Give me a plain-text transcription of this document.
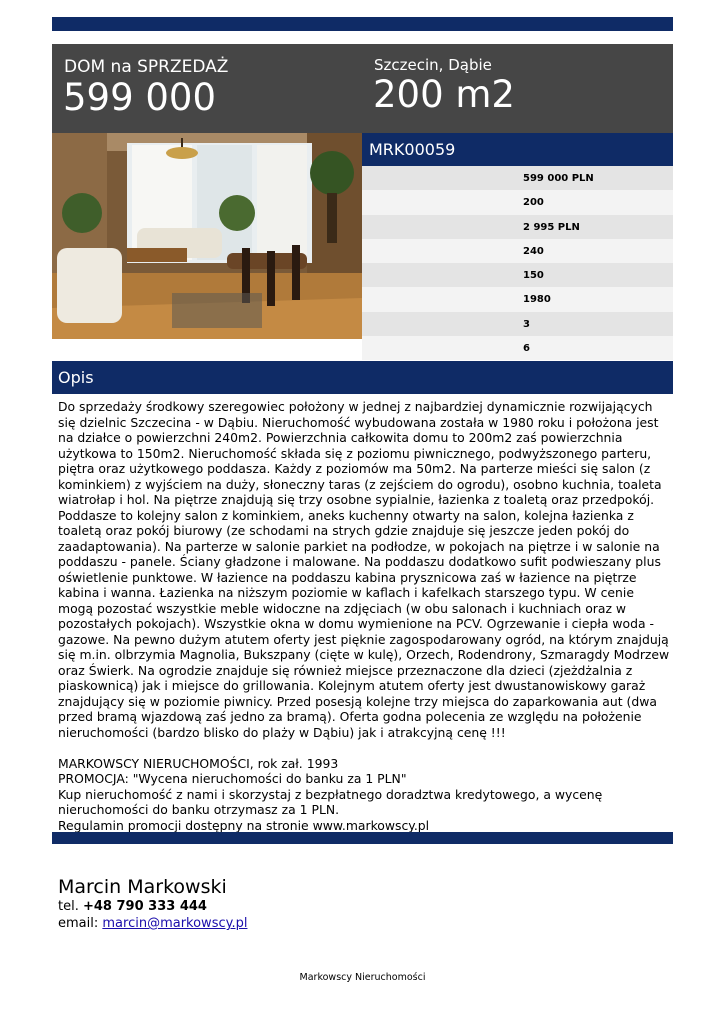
DOM na SPRZEDAŻ
599 000
Szczecin, Dąbie
200 m2
MRK00059
599 000 PLN
200
2 995 PLN
240
150
1980
3
6
Opis

Do sprzedaży środkowy szeregowiec położony w jednej z najbardziej dynamicznie rozwijających się dzielnic Szczecina - w Dąbiu. Nieruchomość wybudowana została w 1980 roku i położona jest na działce o powierzchni 240m2. Powierzchnia całkowita domu to 200m2 zaś powierzchnia użytkowa to 150m2. Nieruchomość składa się z poziomu piwnicznego, podwyższonego parteru, piętra oraz użytkowego poddasza. Każdy z poziomów ma 50m2. Na parterze mieści się salon (z kominkiem) z wyjściem na duży, słoneczny taras (z zejściem do ogrodu), osobno kuchnia, toaleta wiatrołap i hol. Na piętrze znajdują się trzy osobne sypialnie, łazienka z toaletą oraz przedpokój. Poddasze to kolejny salon z kominkiem, aneks kuchenny otwarty na salon, kolejna łazienka z toaletą oraz pokój biurowy (ze schodami na strych gdzie znajduje się jeszcze jeden pokój do zaadaptowania). Na parterze w salonie parkiet na podłodze, w pokojach na piętrze i w salonie na poddaszu - panele. Ściany gładzone i malowane. Na poddaszu dodatkowo sufit podwieszany plus oświetlenie punktowe. W łazience na poddaszu kabina prysznicowa zaś w łazience na piętrze kabina i wanna. Łazienka na niższym poziomie w kaflach i kafelkach starszego typu. W cenie mogą pozostać wszystkie meble widoczne na zdjęciach (w obu salonach i kuchniach oraz w pozostałych pokojach). Wszystkie okna w domu wymienione na PCV. Ogrzewanie i ciepła woda - gazowe. Na pewno dużym atutem oferty jest pięknie zagospodarowany ogród, na którym znajdują się m.in. olbrzymia Magnolia, Bukszpany (cięte w kulę), Orzech, Rodendrony, Szmaragdy Modrzew oraz Świerk. Na ogrodzie znajduje się również miejsce przeznaczone dla dzieci (zjeżdżalnia z piaskownicą) jak i miejsce do grillowania. Kolejnym atutem oferty jest dwustanowiskowy garaż znajdujący się w poziomie piwnicy. Przed posesją kolejne trzy miejsca do zaparkowania aut (dwa przed bramą wjazdową zaś jedno za bramą). Oferta godna polecenia ze względu na położenie nieruchomości (bardzo blisko do plaży w Dąbiu) jak i atrakcyjną cenę !!!

MARKOWSCY NIERUCHOMOŚCI, rok zał. 1993

PROMOCJA: "Wycena nieruchomości do banku za 1 PLN"

Kup nieruchomość z nami i skorzystaj z bezpłatnego doradztwa kredytowego, a wycenę nieruchomości do banku otrzymasz za 1 PLN.

Regulamin promocji dostępny na stronie www.markowscy.pl

Marcin Markowski
tel. +48 790 333 444
email: marcin@markowscy.pl
Markowscy Nieruchomości
